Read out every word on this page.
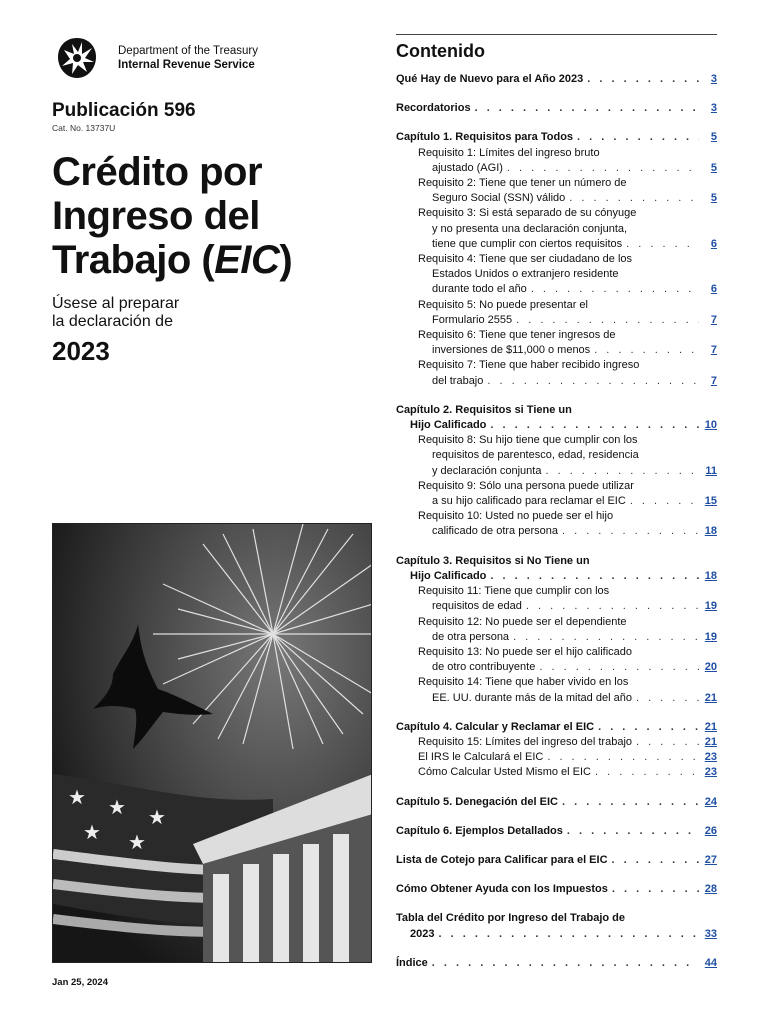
Department of the Treasury
Internal Revenue Service
Publicación 596
Cat. No. 13737U
Crédito por
Ingreso del
Trabajo (EIC)
Úsese al preparar
la declaración de
2023
★ ★ ★
★ ★
Jan 25, 2024
Contenido
Qué Hay de Nuevo para el Año 2023 . . .	3
Recordatorios . . .	3
Capítulo 1. Requisitos para Todos . . .	5
Requisito 1: Límites del ingreso bruto
ajustado (AGI) . . .	5
Requisito 2: Tiene que tener un número de
Seguro Social (SSN) válido . . .	5
Requisito 3: Si está separado de su cónyuge
y no presenta una declaración conjunta,
tiene que cumplir con ciertos requisitos . . .	6
Requisito 4: Tiene que ser ciudadano de los
Estados Unidos o extranjero residente
durante todo el año . . .	6
Requisito 5: No puede presentar el
Formulario 2555 . . .	7
Requisito 6: Tiene que tener ingresos de
inversiones de $11,000 o menos . . .	7
Requisito 7: Tiene que haber recibido ingreso
del trabajo . . .	7
Capítulo 2. Requisitos si Tiene un
Hijo Calificado . . .	10
Requisito 8: Su hijo tiene que cumplir con los
requisitos de parentesco, edad, residencia
y declaración conjunta . . .	11
Requisito 9: Sólo una persona puede utilizar
a su hijo calificado para reclamar el EIC . . .	15
Requisito 10: Usted no puede ser el hijo
calificado de otra persona . . .	18
Capítulo 3. Requisitos si No Tiene un
Hijo Calificado . . .	18
Requisito 11: Tiene que cumplir con los
requisitos de edad . . .	19
Requisito 12: No puede ser el dependiente
de otra persona . . .	19
Requisito 13: No puede ser el hijo calificado
de otro contribuyente . . .	20
Requisito 14: Tiene que haber vivido en los
EE. UU. durante más de la mitad del año . . .	21
Capítulo 4. Calcular y Reclamar el EIC . . .	21
Requisito 15: Límites del ingreso del trabajo . . .	21
El IRS le Calculará el EIC . . .	23
Cómo Calcular Usted Mismo el EIC . . .	23
Capítulo 5. Denegación del EIC . . .	24
Capítulo 6. Ejemplos Detallados . . .	26
Lista de Cotejo para Calificar para el EIC . . .	27
Cómo Obtener Ayuda con los Impuestos . . .	28
Tabla del Crédito por Ingreso del Trabajo de
2023 . . .	33
Índice . . .	44
